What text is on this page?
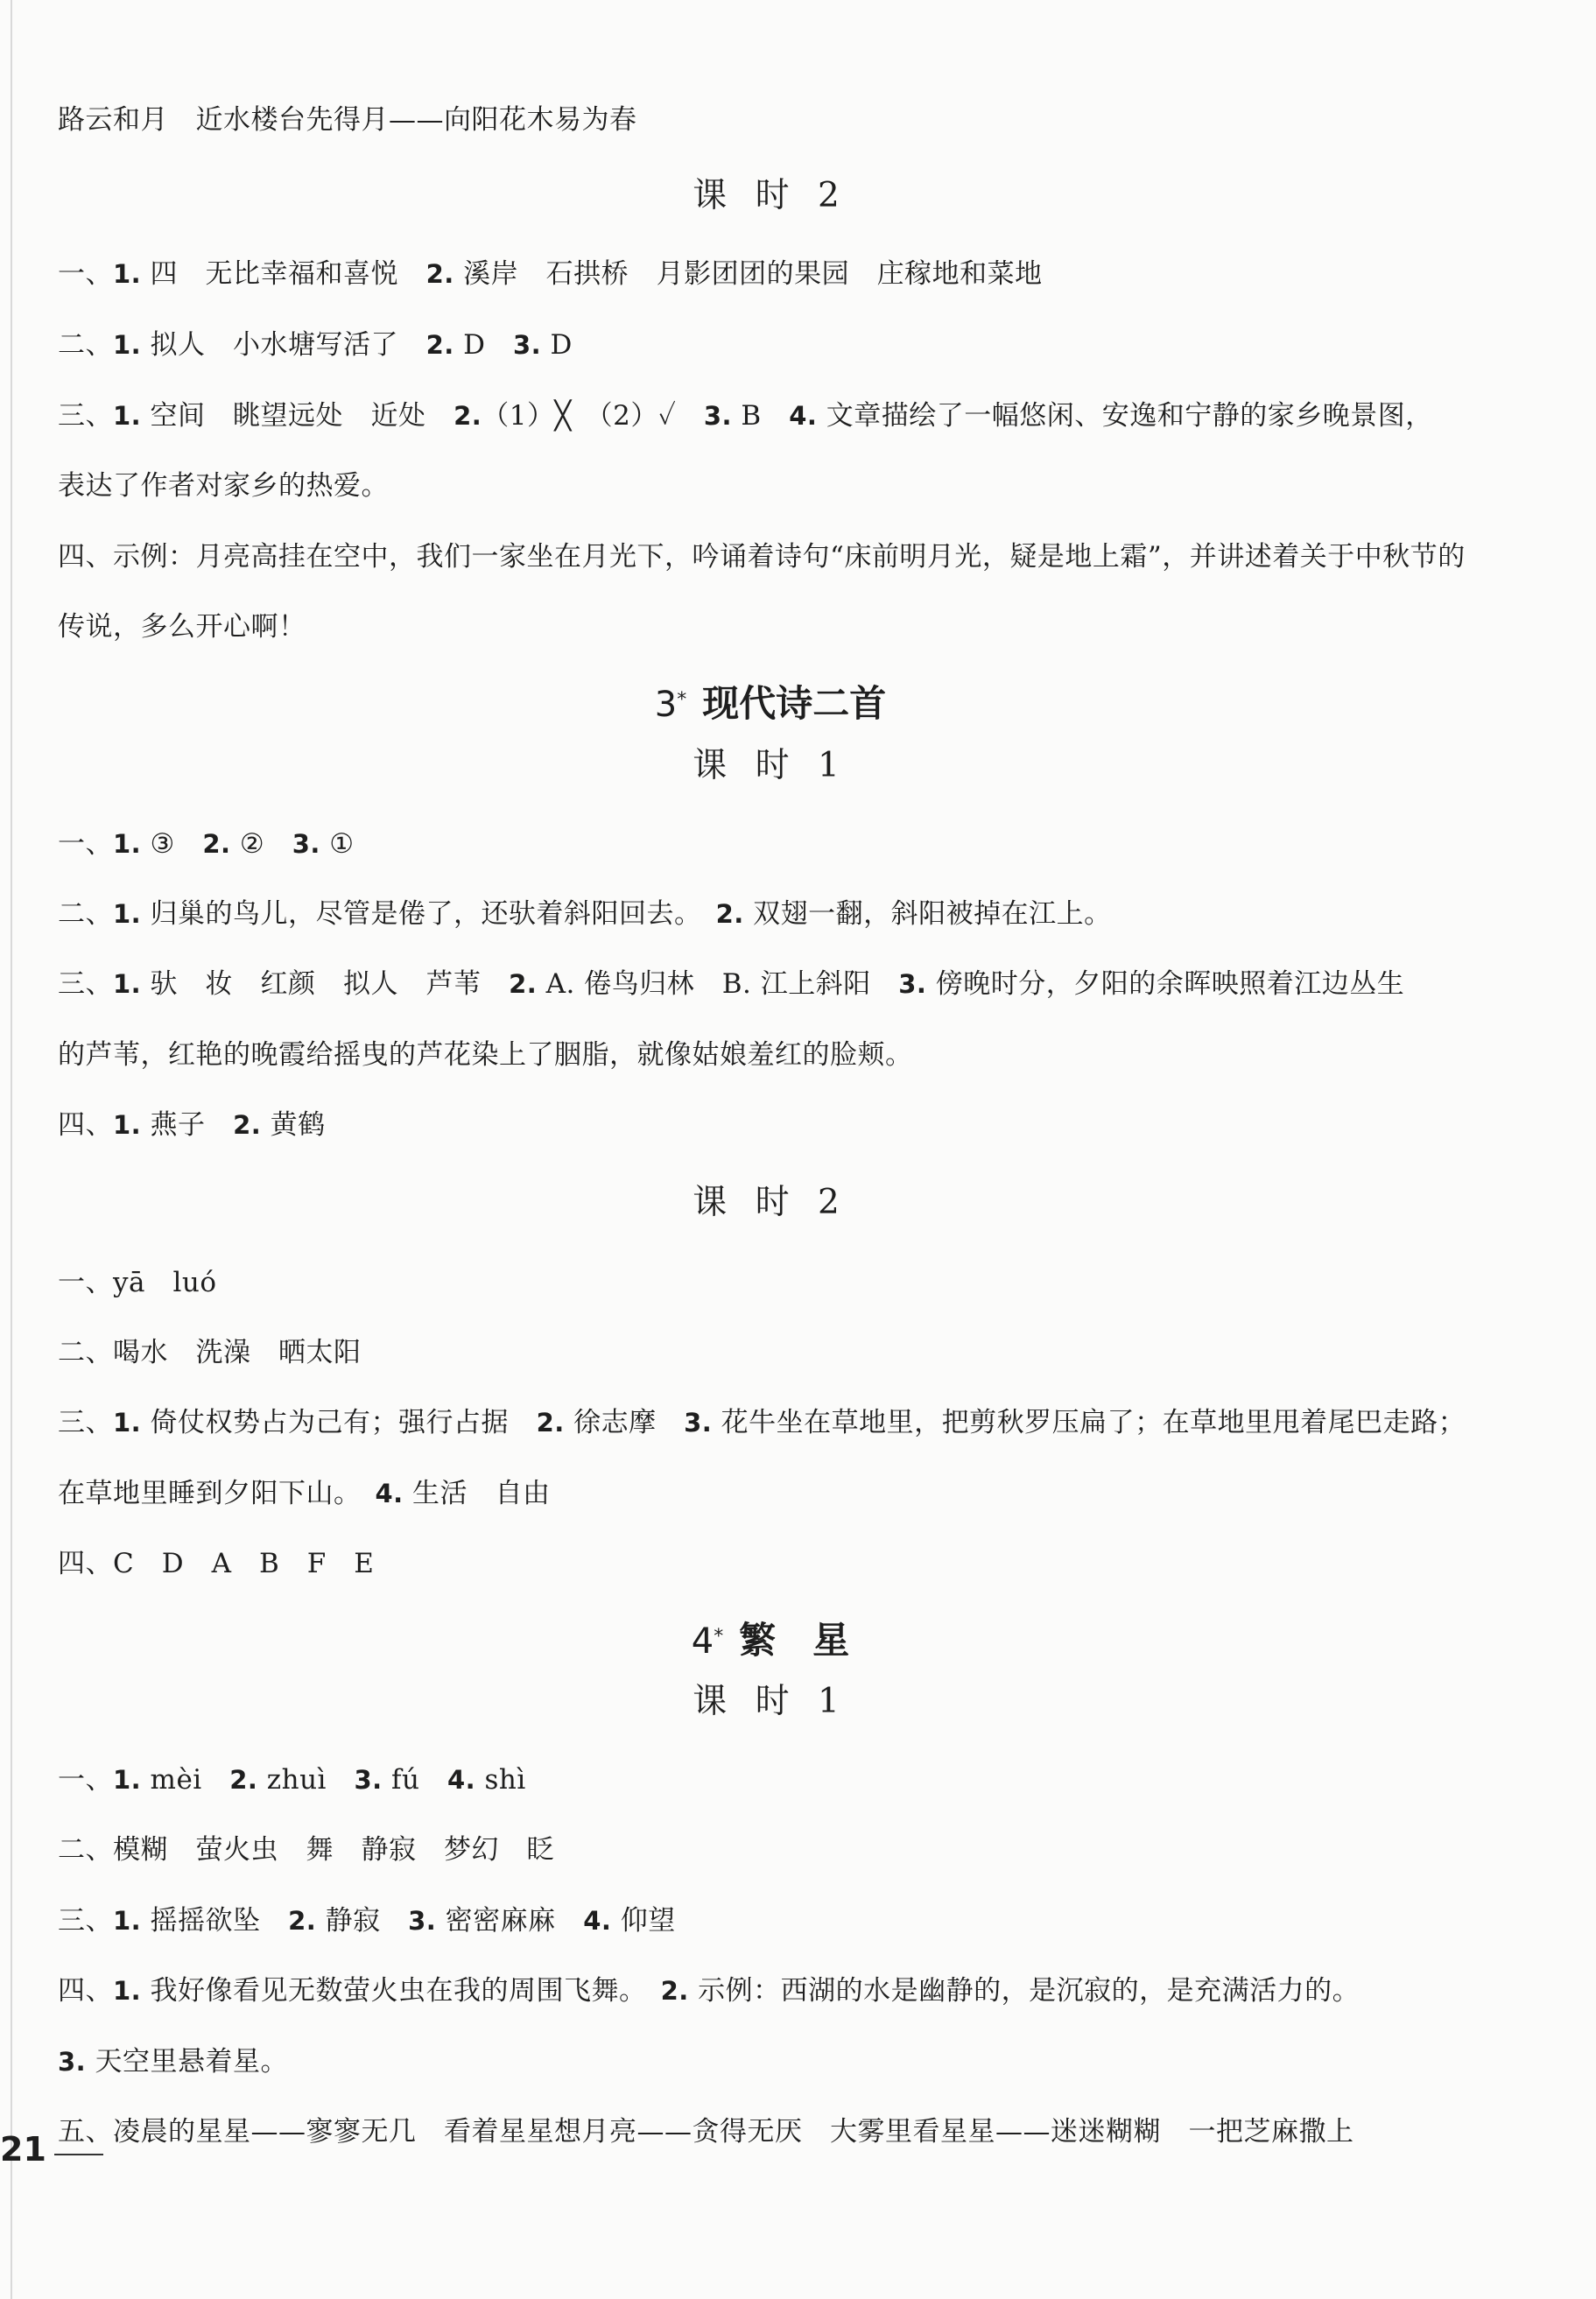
路云和月　近水楼台先得月——向阳花木易为春
课 时 2
一、1. 四　无比幸福和喜悦　2. 溪岸　石拱桥　月影团团的果园　庄稼地和菜地
二、1. 拟人　小水塘写活了　2. D　3. D
三、1. 空间　眺望远处　近处　2.（1）╳　（2）✓　3. B　4. 文章描绘了一幅悠闲、安逸和宁静的家乡晚景图，
表达了作者对家乡的热爱。
四、示例：月亮高挂在空中，我们一家坐在月光下，吟诵着诗句“床前明月光，疑是地上霜”，并讲述着关于中秋节的
传说，多么开心啊！
3* 现代诗二首
课 时 1
一、1. ③　2. ②　3. ①
二、1. 归巢的鸟儿，尽管是倦了，还驮着斜阳回去。　2. 双翅一翻，斜阳被掉在江上。
三、1. 驮　妆　红颜　拟人　芦苇　2. A. 倦鸟归林　B. 江上斜阳　3. 傍晚时分，夕阳的余晖映照着江边丛生
的芦苇，红艳的晚霞给摇曳的芦花染上了胭脂，就像姑娘羞红的脸颊。
四、1. 燕子　2. 黄鹤
课 时 2
一、yā　luó
二、喝水　洗澡　晒太阳
三、1. 倚仗权势占为己有；强行占据　2. 徐志摩　3. 花牛坐在草地里，把剪秋罗压扁了；在草地里甩着尾巴走路；
在草地里睡到夕阳下山。　4. 生活　自由
四、C　D　A　B　F　E
4* 繁　星
课 时 1
一、1. mèi　2. zhuì　3. fú　4. shì
二、模糊　萤火虫　舞　静寂　梦幻　眨
三、1. 摇摇欲坠　2. 静寂　3. 密密麻麻　4. 仰望
四、1. 我好像看见无数萤火虫在我的周围飞舞。　2. 示例：西湖的水是幽静的，是沉寂的，是充满活力的。
3. 天空里悬着星。
五、凌晨的星星——寥寥无几　看着星星想月亮——贪得无厌　大雾里看星星——迷迷糊糊　一把芝麻撒上
21
